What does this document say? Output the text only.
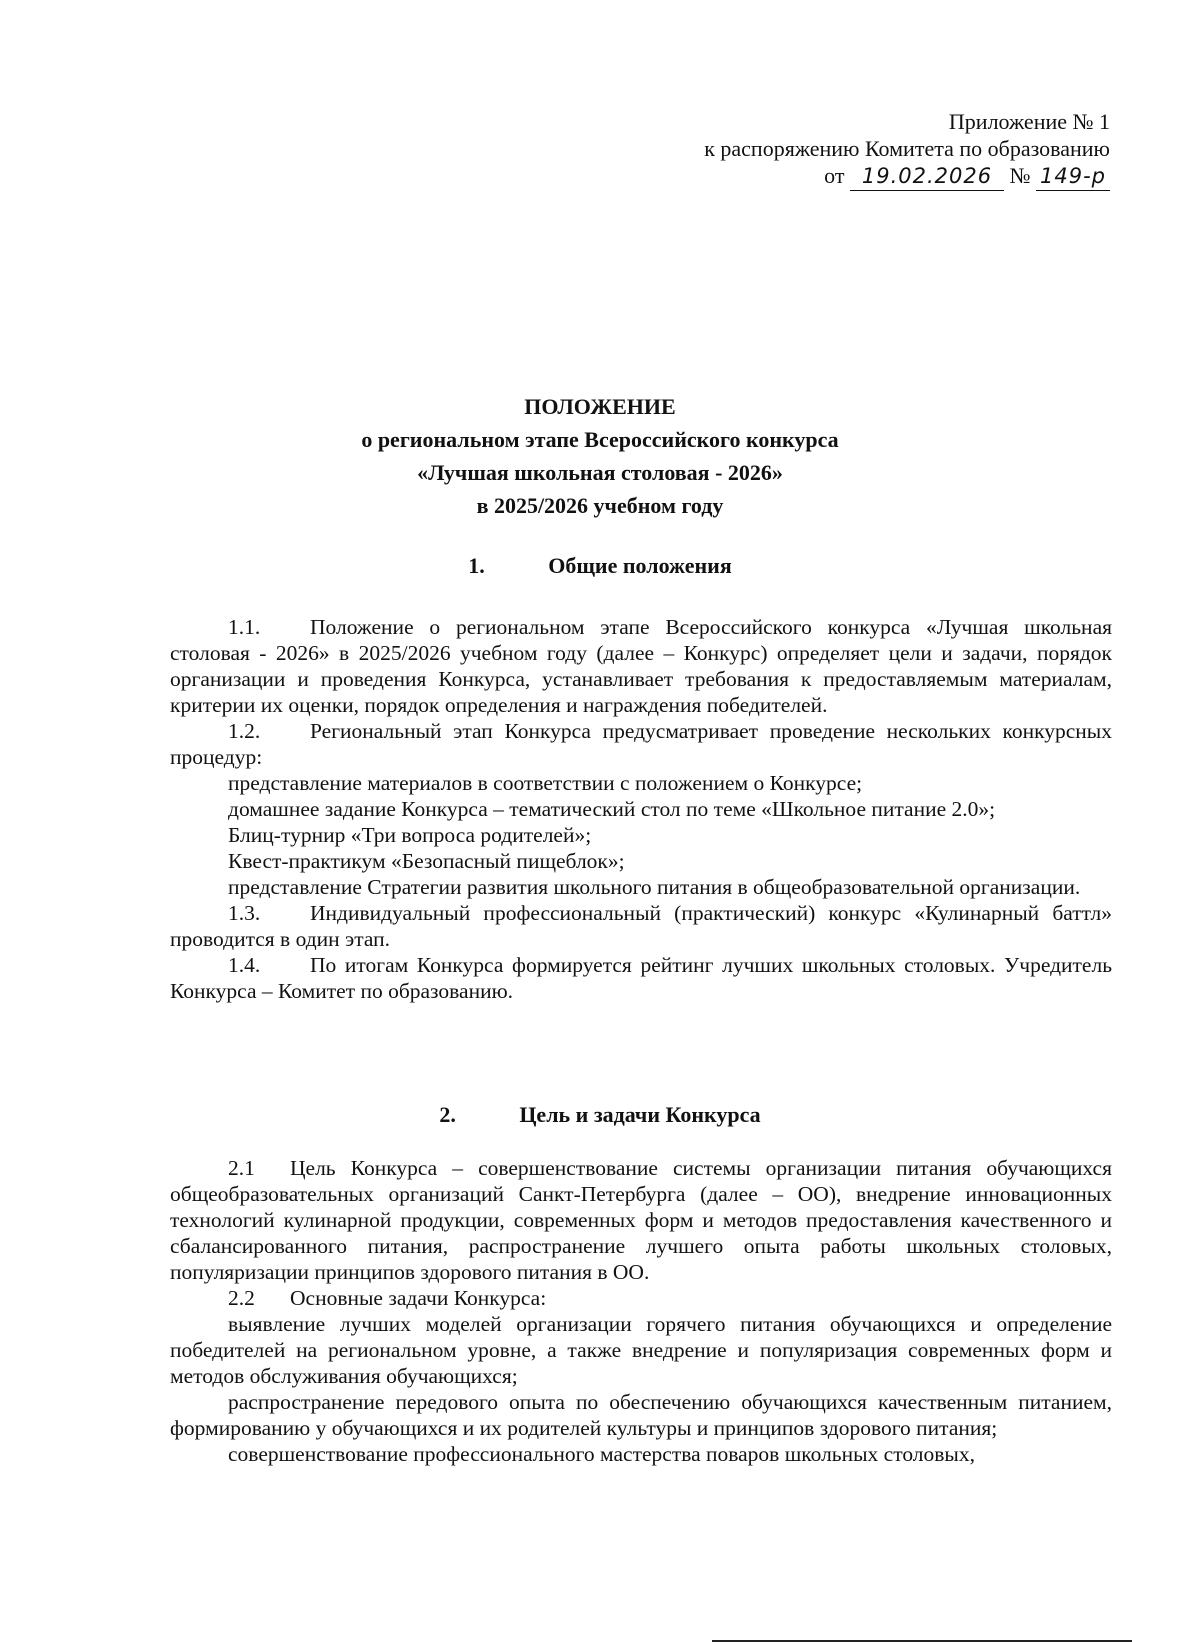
Приложение № 1
к распоряжению Комитета по образованию
от 19.02.2026 № 149-р
ПОЛОЖЕНИЕ
о региональном этапе Всероссийского конкурса
«Лучшая школьная столовая - 2026»
в 2025/2026 учебном году
1.	Общие положения

1.1. Положение о региональном этапе Всероссийского конкурса «Лучшая школьная столовая - 2026» в 2025/2026 учебном году (далее – Конкурс) определяет цели и задачи, порядок организации и проведения Конкурса, устанавливает требования к предоставляемым материалам, критерии их оценки, порядок определения и награждения победителей.

1.2. Региональный этап Конкурса предусматривает проведение нескольких конкурсных процедур:

представление материалов в соответствии с положением о Конкурсе;

домашнее задание Конкурса – тематический стол по теме «Школьное питание 2.0»;

Блиц-турнир «Три вопроса родителей»;

Квест-практикум «Безопасный пищеблок»;

представление Стратегии развития школьного питания в общеобразовательной организации.

1.3. Индивидуальный профессиональный (практический) конкурс «Кулинарный баттл» проводится в один этап.

1.4. По итогам Конкурса формируется рейтинг лучших школьных столовых. Учредитель Конкурса – Комитет по образованию.

2.	Цель и задачи Конкурса

2.1 Цель Конкурса – совершенствование системы организации питания обучающихся общеобразовательных организаций Санкт-Петербурга (далее – ОО), внедрение инновационных технологий кулинарной продукции, современных форм и методов предоставления качественного и сбалансированного питания, распространение лучшего опыта работы школьных столовых, популяризации принципов здорового питания в ОО.

2.2 Основные задачи Конкурса:

выявление лучших моделей организации горячего питания обучающихся и определение победителей на региональном уровне, а также внедрение и популяризация современных форм и методов обслуживания обучающихся;

распространение передового опыта по обеспечению обучающихся качественным питанием, формированию у обучающихся и их родителей культуры и принципов здорового питания;

совершенствование профессионального мастерства поваров школьных столовых,
